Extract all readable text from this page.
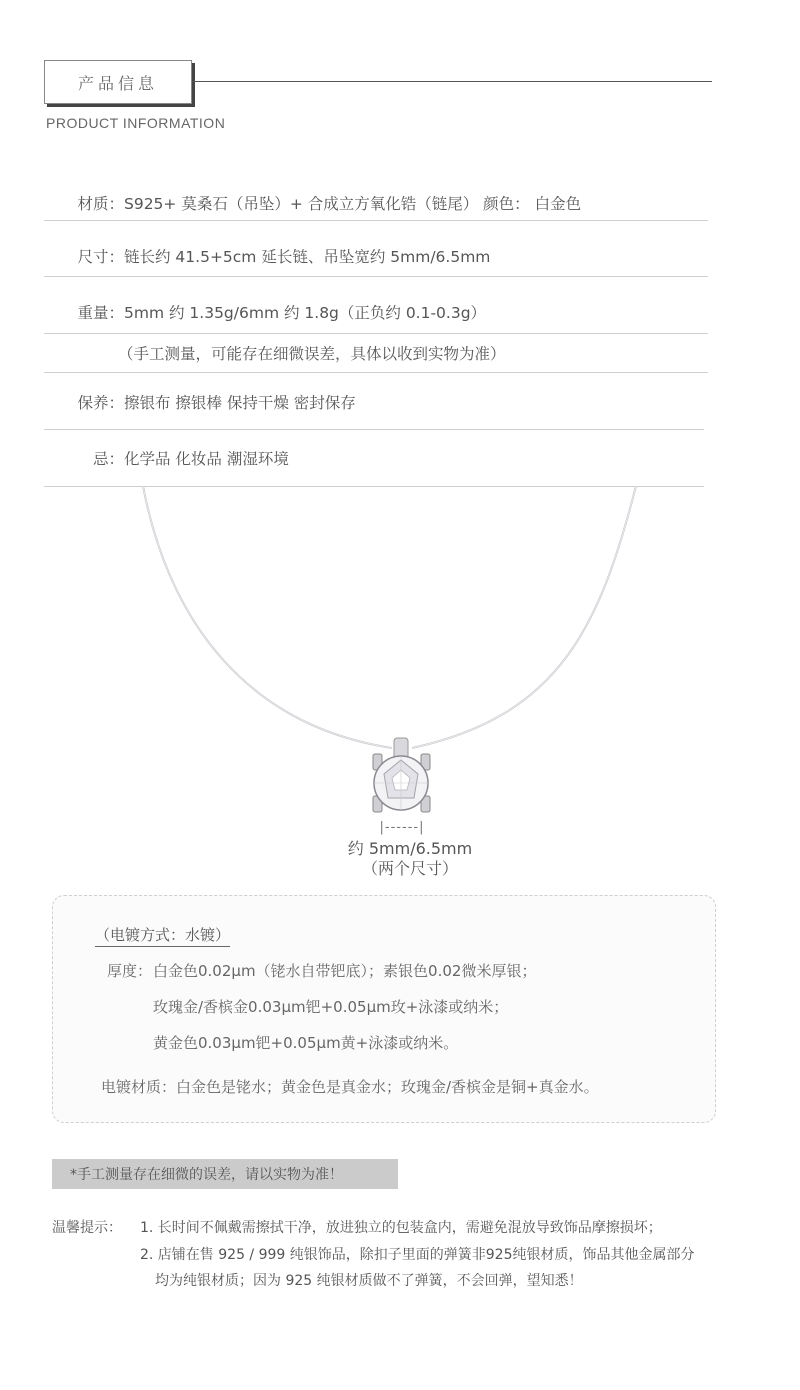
产品信息
PRODUCT INFORMATION
材质：S925+ 莫桑石（吊坠）+ 合成立方氧化锆（链尾） 颜色： 白金色
尺寸：链长约 41.5+5cm 延长链、吊坠宽约 5mm/6.5mm
重量：5mm 约 1.35g/6mm 约 1.8g（正负约 0.1-0.3g）
（手工测量，可能存在细微误差，具体以收到实物为准）
保养：擦银布 擦银棒 保持干燥 密封保存
忌：化学品 化妆品 潮湿环境
|------|
约 5mm/6.5mm
（两个尺寸）
（电镀方式：水镀）
厚度： 白金色0.02μm（铑水自带钯底）；素银色0.02微米厚银；
玫瑰金/香槟金0.03μm钯+0.05μm玫+泳漆或纳米；
黄金色0.03μm钯+0.05μm黄+泳漆或纳米。
电镀材质：白金色是铑水；黄金色是真金水；玫瑰金/香槟金是铜+真金水。
*手工测量存在细微的误差，请以实物为准！
温馨提示： 1. 长时间不佩戴需擦拭干净，放进独立的包装盒内，需避免混放导致饰品摩擦损坏；
2. 店铺在售 925 / 999 纯银饰品，除扣子里面的弹簧非925纯银材质，饰品其他金属部分
均为纯银材质；因为 925 纯银材质做不了弹簧，不会回弹，望知悉！
